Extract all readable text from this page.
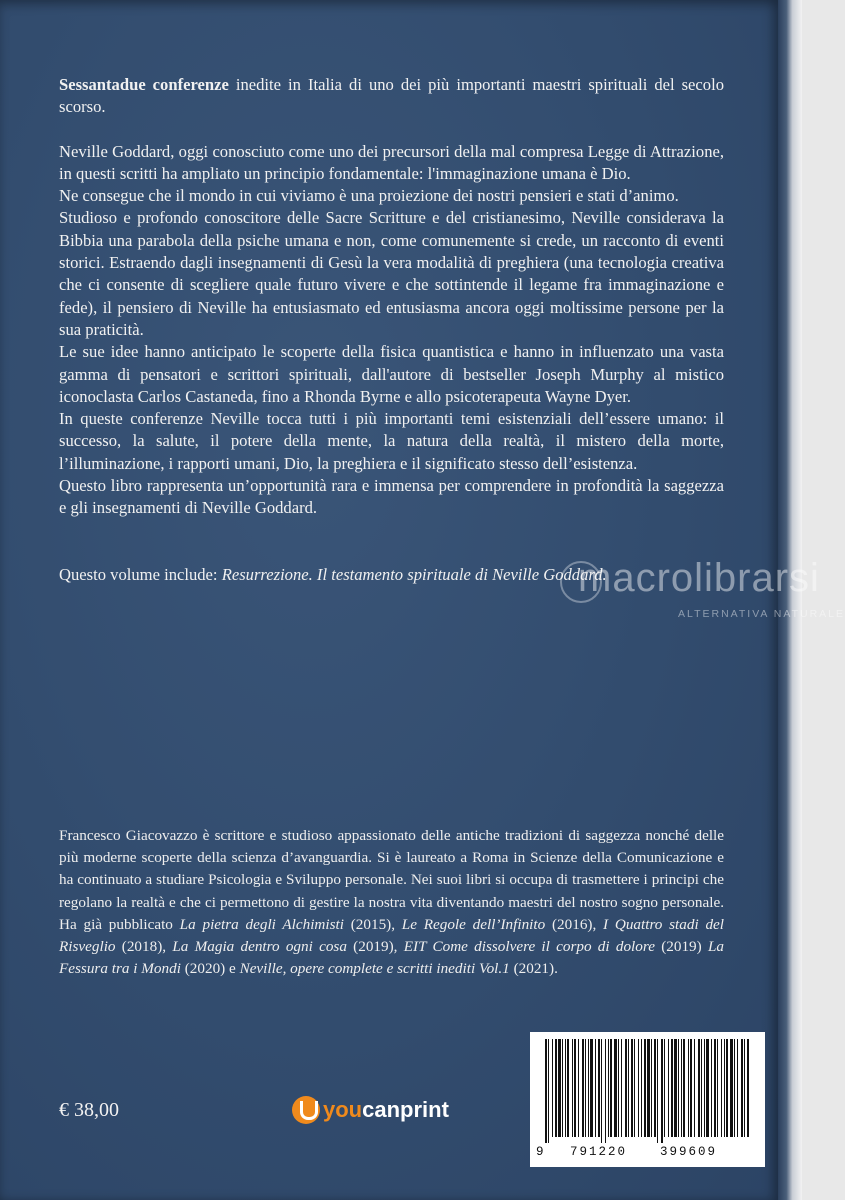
Sessantadue conferenze inedite in Italia di uno dei più importanti maestri spirituali del secolo scorso.

Neville Goddard, oggi conosciuto come uno dei precursori della mal compresa Legge di Attrazione, in questi scritti ha ampliato un principio fondamentale: l'immaginazione umana è Dio.

Ne consegue che il mondo in cui viviamo è una proiezione dei nostri pensieri e stati d’animo.

Studioso e profondo conoscitore delle Sacre Scritture e del cristianesimo, Neville considerava la Bibbia una parabola della psiche umana e non, come comunemente si crede, un racconto di eventi storici. Estraendo dagli insegnamenti di Gesù la vera modalità di preghiera (una tecnologia creativa che ci consente di scegliere quale futuro vivere e che sottintende il legame fra immaginazione e fede), il pensiero di Neville ha entusiasmato ed entusiasma ancora oggi moltissime persone per la sua praticità.

Le sue idee hanno anticipato le scoperte della fisica quantistica e hanno in influenzato una vasta gamma di pensatori e scrittori spirituali, dall'autore di bestseller Joseph Murphy al mistico iconoclasta Carlos Castaneda, fino a Rhonda Byrne e allo psicoterapeuta Wayne Dyer.

In queste conferenze Neville tocca tutti i più importanti temi esistenziali dell’essere umano: il successo, la salute, il potere della mente, la natura della realtà, il mistero della morte, l’illuminazione, i rapporti umani, Dio, la preghiera e il significato stesso dell’esistenza.

Questo libro rappresenta un’opportunità rara e immensa per comprendere in profondità la saggezza e gli insegnamenti di Neville Goddard.

Questo volume include: Resurrezione. Il testamento spirituale di Neville Goddard.

macrolibrarsi
ALTERNATIVA NATURALE
Francesco Giacovazzo è scrittore e studioso appassionato delle antiche tradizioni di saggezza nonché delle più moderne scoperte della scienza d’avanguardia. Si è laureato a Roma in Scienze della Comunicazione e ha continuato a studiare Psicologia e Sviluppo personale. Nei suoi libri si occupa di trasmettere i principi che regolano la realtà e che ci permettono di gestire la nostra vita diventando maestri del nostro sogno personale. Ha già pubblicato La pietra degli Alchimisti (2015), Le Regole dell’Infinito (2016), I Quattro stadi del Risveglio (2018), La Magia dentro ogni cosa (2019), EIT Come dissolvere il corpo di dolore (2019) La Fessura tra i Mondi (2020) e Neville, opere complete e scritti inediti Vol.1 (2021).
€ 38,00	you canprint
9 791220	399609
